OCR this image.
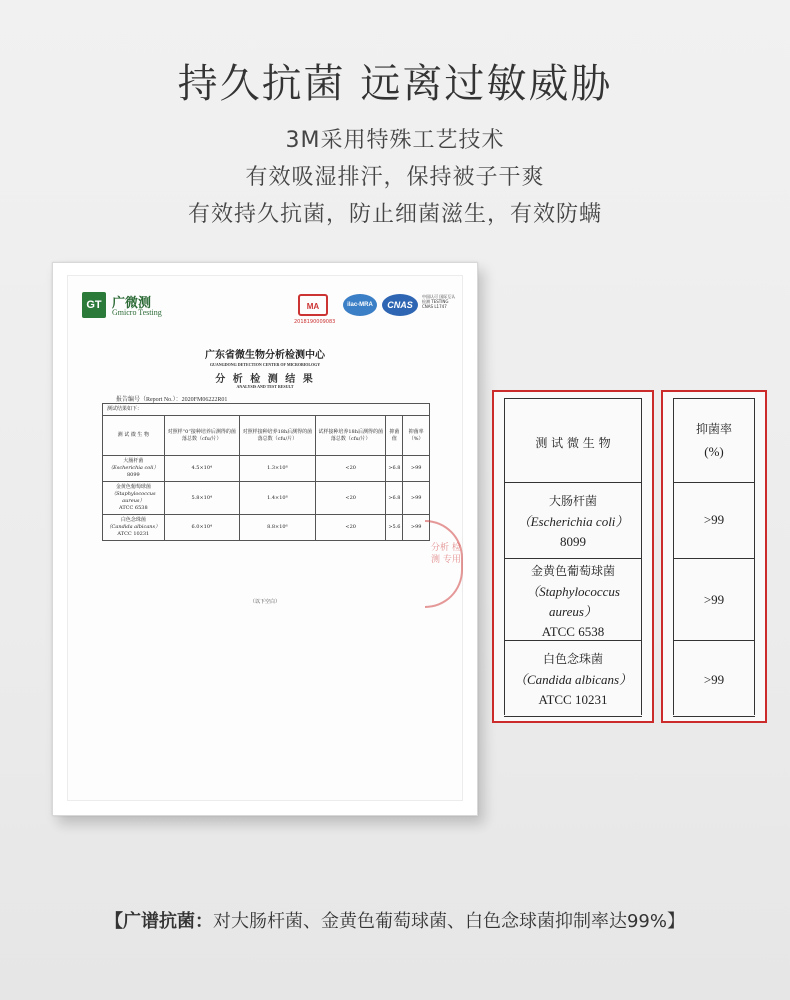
持久抗菌 远离过敏威胁
3M采用特殊工艺技术
有效吸湿排汗，保持被子干爽
有效持久抗菌，防止细菌滋生，有效防螨
GT 广微测
Gmicro Testing
MA
2018190009083
ilac-MRA	CNAS
中国认可 国际互认 检测 TESTING CNAS L1747
广东省微生物分析检测中心
GUANGDONG DETECTION CENTER OF MICROBIOLOGY
分 析 检 测 结 果
ANALYSIS AND TEST RESULT
报告编号（Report No.）：2020FM06222R01
测试结果如下：					
测 试 微 生 物	对照样“0”接种培养后测得的菌落总数（cfu/片）	对照样接种培养18h后测得的菌落总数（cfu/片）	试样接种培养18h后测得的菌落总数（cfu/片）	抑菌值	抑菌率（%）
大肠杆菌
（Escherichia coli）
8099	4.5×10⁴	1.3×10⁸	<20	>6.8	>99
金黄色葡萄球菌
（Staphylococcus aureus）
ATCC 6538	5.8×10⁴	1.4×10⁸	<20	>6.8	>99
白色念珠菌
（Candida albicans）
ATCC 10231	6.0×10⁴	8.8×10⁶	<20	>5.6	>99
（以下空白）
分析 检测 专用
测 试 微 生 物
大肠杆菌
（Escherichia coli）
8099
金黄色葡萄球菌
（Staphylococcus
aureus）
ATCC 6538
白色念珠菌
（Candida albicans）
ATCC 10231
抑菌率
(%)
>99
>99
>99
【广谱抗菌：对大肠杆菌、金黄色葡萄球菌、白色念球菌抑制率达99%】
